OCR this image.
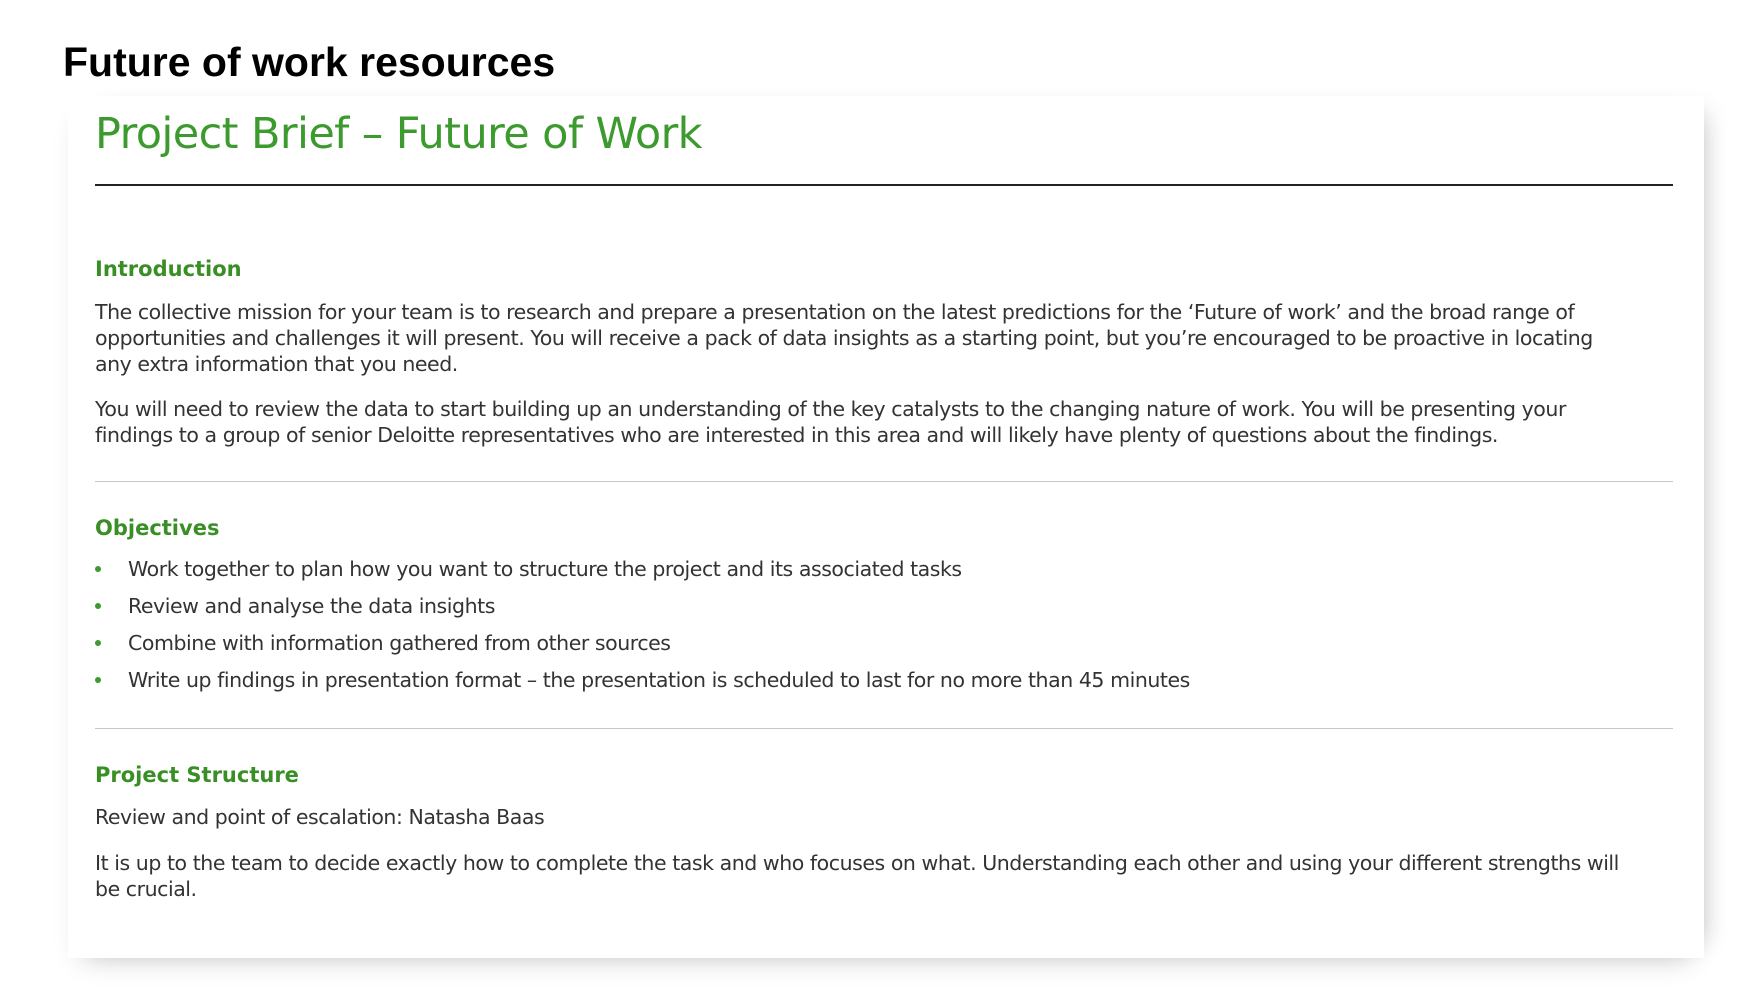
Future of work resources
Project Brief – Future of Work
Introduction

The collective mission for your team is to research and prepare a presentation on the latest predictions for the ‘Future of work’ and the broad range of opportunities and challenges it will present. You will receive a pack of data insights as a starting point, but you’re encouraged to be proactive in locating any extra information that you need.

You will need to review the data to start building up an understanding of the key catalysts to the changing nature of work. You will be presenting your findings to a group of senior Deloitte representatives who are interested in this area and will likely have plenty of questions about the findings.

Objectives
Work together to plan how you want to structure the project and its associated tasks
Review and analyse the data insights
Combine with information gathered from other sources
Write up findings in presentation format – the presentation is scheduled to last for no more than 45 minutes
Project Structure

Review and point of escalation: Natasha Baas

It is up to the team to decide exactly how to complete the task and who focuses on what. Understanding each other and using your different strengths will be crucial.
